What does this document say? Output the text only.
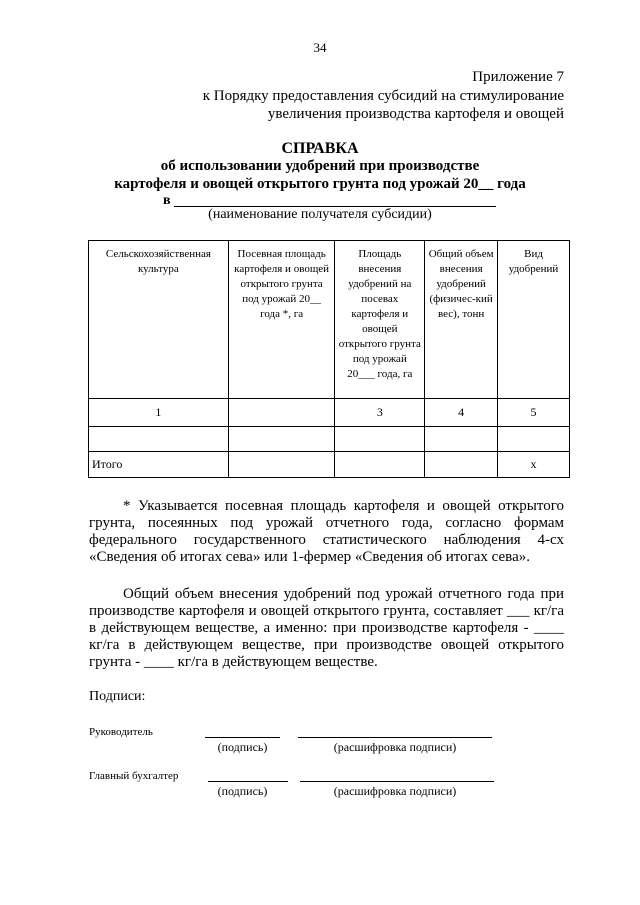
34
Приложение 7
к Порядку предоставления субсидий на стимулирование
увеличения производства картофеля и овощей
СПРАВКА
об использовании удобрений при производстве
картофеля и овощей открытого грунта под урожай 20__ года
в
(наименование получателя субсидии)
Сельскохозяйственная культура	Посевная площадь картофеля и овощей открытого грунта под урожай 20__ года *, га	Площадь внесения удобрений на посевах картофеля и овощей открытого грунта под урожай 20___ года, га	Общий объем внесения удобрений (физичес-кий вес), тонн	Вид удобрений
1		3	4	5

Итого				x
* Указывается посевная площадь картофеля и овощей открытого грунта, посеянных под урожай отчетного года, согласно формам федерального государственного статистического наблюдения 4-сх «Сведения об итогах сева» или 1-фермер «Сведения об итогах сева».
Общий объем внесения удобрений под урожай отчетного года при производстве картофеля и овощей открытого грунта, составляет ___ кг/га в действующем веществе, а именно: при производстве картофеля - ____ кг/га в действующем веществе, при производстве овощей открытого грунта - ____ кг/га в действующем веществе.
Подписи:
Руководитель
(подпись)	(расшифровка подписи)
Главный бухгалтер
(подпись)	(расшифровка подписи)
